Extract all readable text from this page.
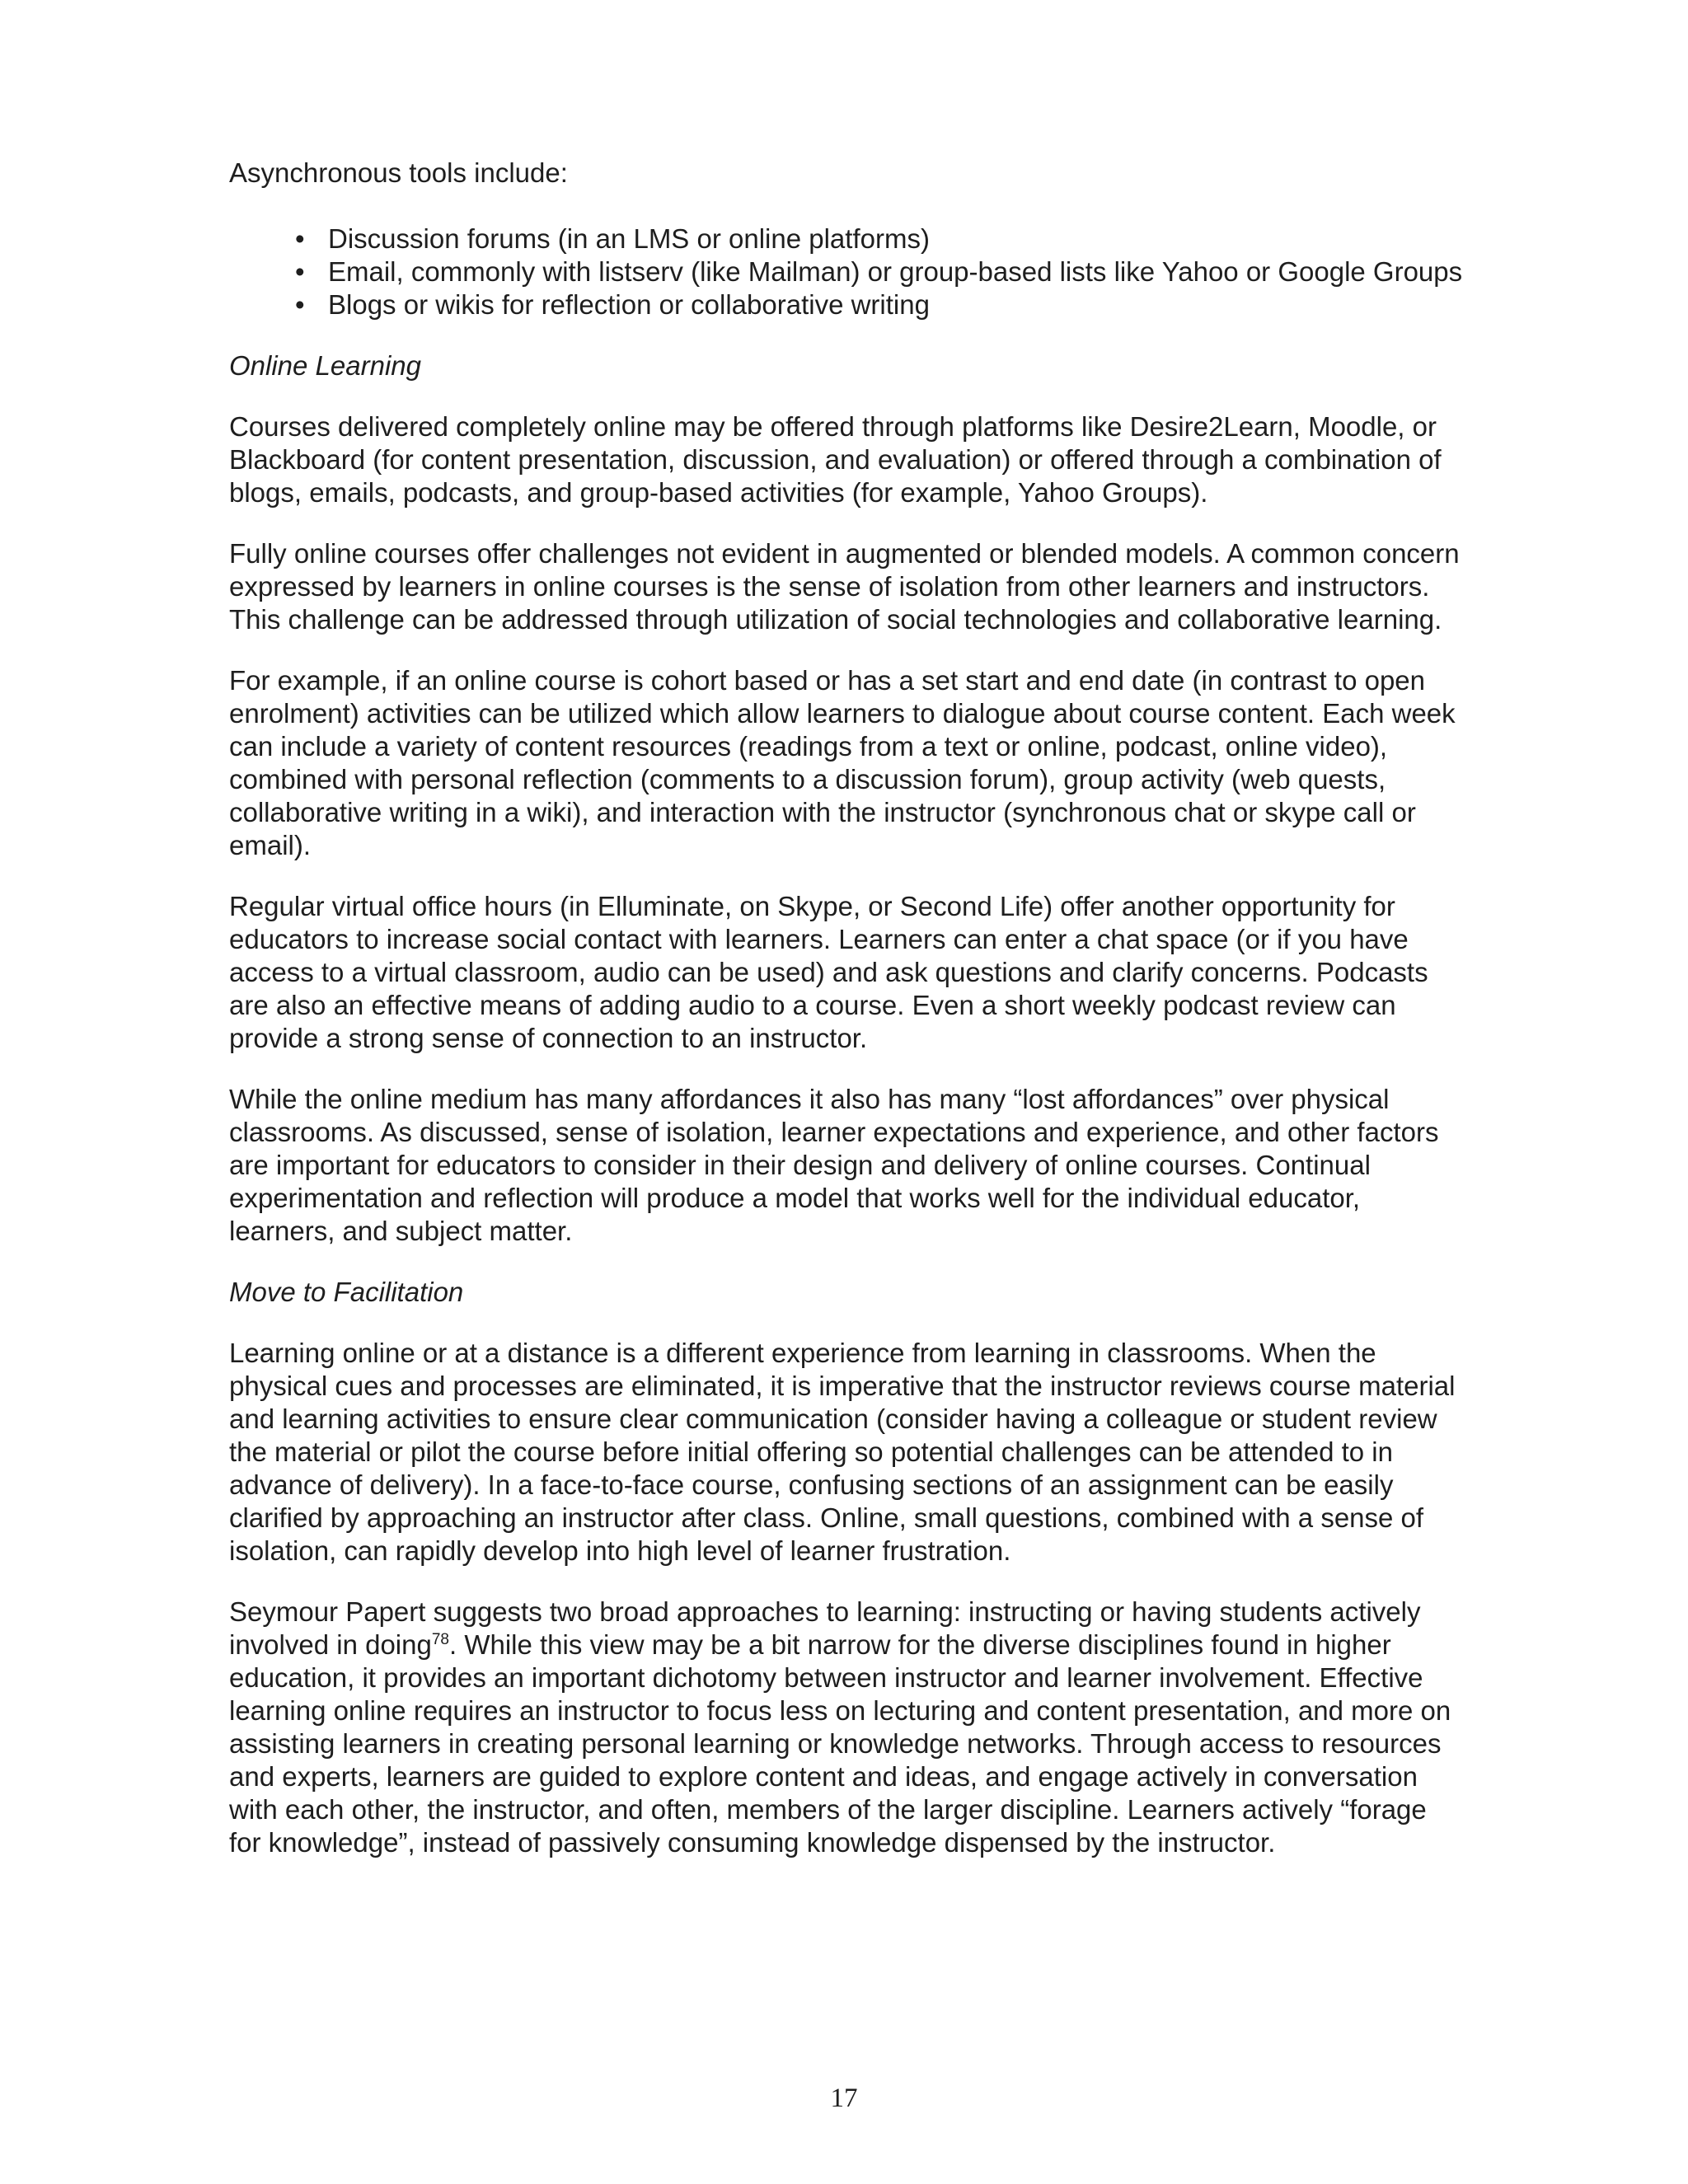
Asynchronous tools include:

• Discussion forums (in an LMS or online platforms)
• Email, commonly with listserv (like Mailman) or group-based lists like Yahoo or Google Groups
• Blogs or wikis for reflection or collaborative writing

Online Learning

Courses delivered completely online may be offered through platforms like Desire2Learn, Moodle, or Blackboard (for content presentation, discussion, and evaluation) or offered through a combination of blogs, emails, podcasts, and group-based activities (for example, Yahoo Groups).

Fully online courses offer challenges not evident in augmented or blended models. A common concern expressed by learners in online courses is the sense of isolation from other learners and instructors. This challenge can be addressed through utilization of social technologies and collaborative learning.

For example, if an online course is cohort based or has a set start and end date (in contrast to open enrolment) activities can be utilized which allow learners to dialogue about course content. Each week can include a variety of content resources (readings from a text or online, podcast, online video), combined with personal reflection (comments to a discussion forum), group activity (web quests, collaborative writing in a wiki), and interaction with the instructor (synchronous chat or skype call or email).

Regular virtual office hours (in Elluminate, on Skype, or Second Life) offer another opportunity for educators to increase social contact with learners. Learners can enter a chat space (or if you have access to a virtual classroom, audio can be used) and ask questions and clarify concerns. Podcasts are also an effective means of adding audio to a course. Even a short weekly podcast review can provide a strong sense of connection to an instructor.

While the online medium has many affordances it also has many “lost affordances” over physical classrooms. As discussed, sense of isolation, learner expectations and experience, and other factors are important for educators to consider in their design and delivery of online courses. Continual experimentation and reflection will produce a model that works well for the individual educator, learners, and subject matter.

Move to Facilitation

Learning online or at a distance is a different experience from learning in classrooms. When the physical cues and processes are eliminated, it is imperative that the instructor reviews course material and learning activities to ensure clear communication (consider having a colleague or student review the material or pilot the course before initial offering so potential challenges can be attended to in advance of delivery). In a face-to-face course, confusing sections of an assignment can be easily clarified by approaching an instructor after class. Online, small questions, combined with a sense of isolation, can rapidly develop into high level of learner frustration.

Seymour Papert suggests two broad approaches to learning: instructing or having students actively involved in doing$^{78}$. While this view may be a bit narrow for the diverse disciplines found in higher education, it provides an important dichotomy between instructor and learner involvement. Effective learning online requires an instructor to focus less on lecturing and content presentation, and more on assisting learners in creating personal learning or knowledge networks. Through access to resources and experts, learners are guided to explore content and ideas, and engage actively in conversation with each other, the instructor, and often, members of the larger discipline. Learners actively “forage for knowledge”, instead of passively consuming knowledge dispensed by the instructor.

17
